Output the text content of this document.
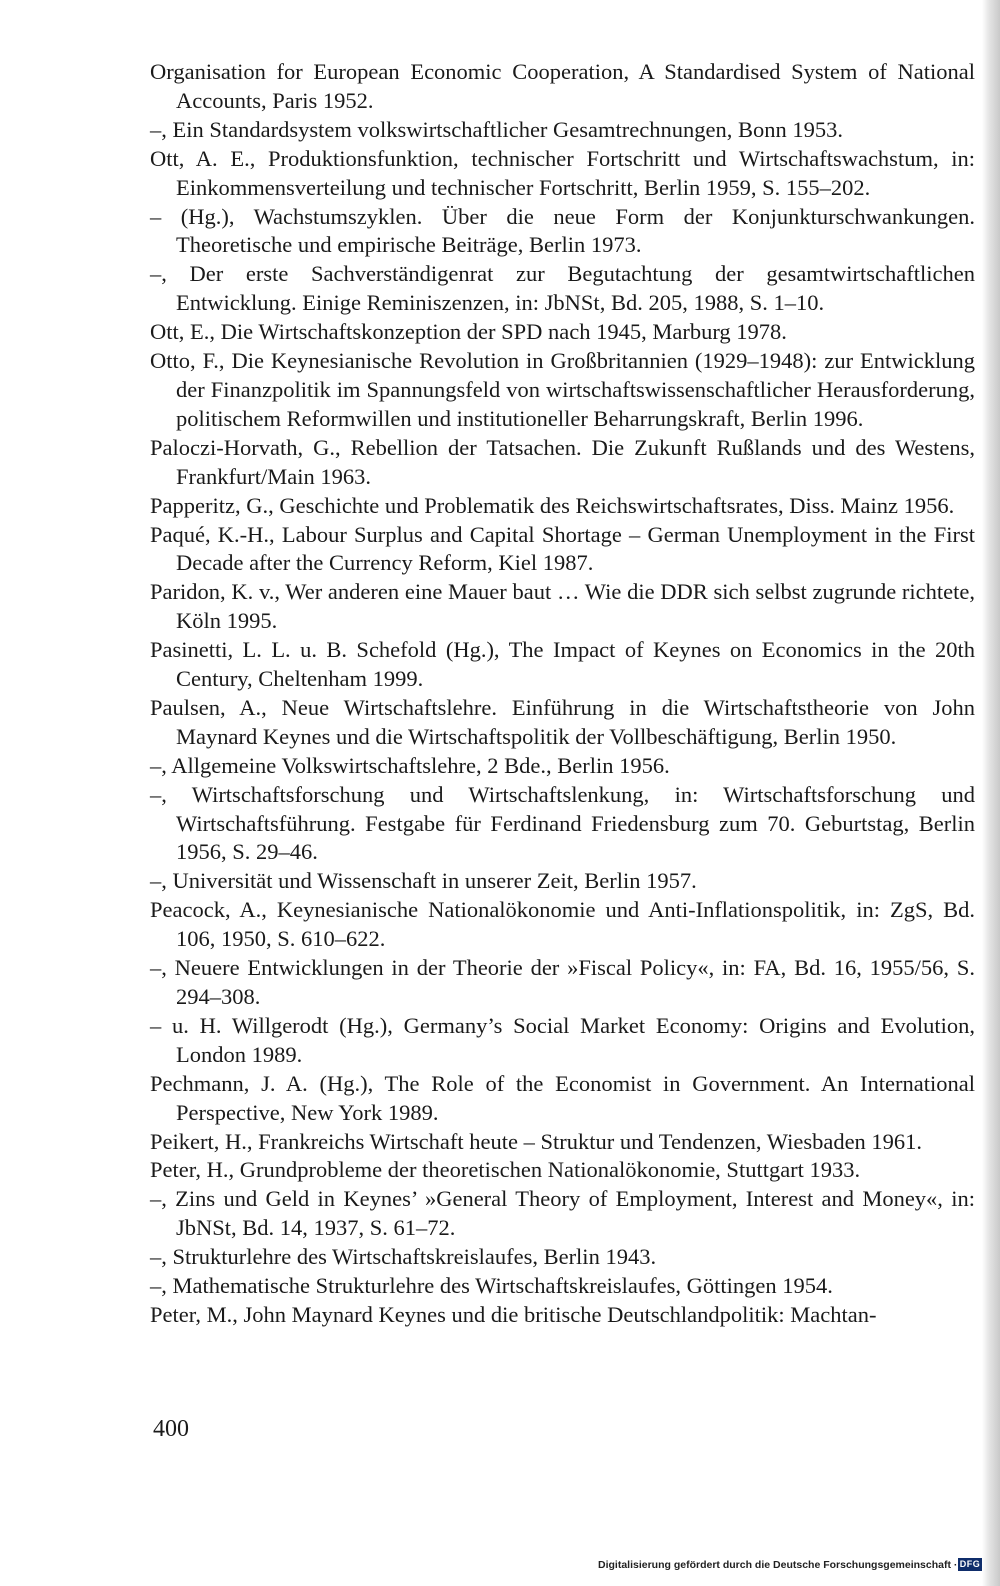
Organisation for European Economic Cooperation, A Standardised System of National Accounts, Paris 1952.
–, Ein Standardsystem volkswirtschaftlicher Gesamtrechnungen, Bonn 1953.
Ott, A. E., Produktionsfunktion, technischer Fortschritt und Wirtschaftswachstum, in: Einkommensverteilung und technischer Fortschritt, Berlin 1959, S. 155–202.
– (Hg.), Wachstumszyklen. Über die neue Form der Konjunkturschwankungen. Theoretische und empirische Beiträge, Berlin 1973.
–, Der erste Sachverständigenrat zur Begutachtung der gesamtwirtschaftlichen Entwicklung. Einige Reminiszenzen, in: JbNSt, Bd. 205, 1988, S. 1–10.
Ott, E., Die Wirtschaftskonzeption der SPD nach 1945, Marburg 1978.
Otto, F., Die Keynesianische Revolution in Großbritannien (1929–1948): zur Entwicklung der Finanzpolitik im Spannungsfeld von wirtschaftswissenschaftlicher Herausforderung, politischem Reformwillen und institutioneller Beharrungskraft, Berlin 1996.
Paloczi-Horvath, G., Rebellion der Tatsachen. Die Zukunft Rußlands und des Westens, Frankfurt/Main 1963.
Papperitz, G., Geschichte und Problematik des Reichswirtschaftsrates, Diss. Mainz 1956.
Paqué, K.-H., Labour Surplus and Capital Shortage – German Unemployment in the First Decade after the Currency Reform, Kiel 1987.
Paridon, K. v., Wer anderen eine Mauer baut … Wie die DDR sich selbst zugrunde richtete, Köln 1995.
Pasinetti, L. L. u. B. Schefold (Hg.), The Impact of Keynes on Economics in the 20th Century, Cheltenham 1999.
Paulsen, A., Neue Wirtschaftslehre. Einführung in die Wirtschaftstheorie von John Maynard Keynes und die Wirtschaftspolitik der Vollbeschäftigung, Berlin 1950.
–, Allgemeine Volkswirtschaftslehre, 2 Bde., Berlin 1956.
–, Wirtschaftsforschung und Wirtschaftslenkung, in: Wirtschaftsforschung und Wirtschaftsführung. Festgabe für Ferdinand Friedensburg zum 70. Geburtstag, Berlin 1956, S. 29–46.
–, Universität und Wissenschaft in unserer Zeit, Berlin 1957.
Peacock, A., Keynesianische Nationalökonomie und Anti-Inflationspolitik, in: ZgS, Bd. 106, 1950, S. 610–622.
–, Neuere Entwicklungen in der Theorie der »Fiscal Policy«, in: FA, Bd. 16, 1955/56, S. 294–308.
– u. H. Willgerodt (Hg.), Germany’s Social Market Economy: Origins and Evolution, London 1989.
Pechmann, J. A. (Hg.), The Role of the Economist in Government. An International Perspective, New York 1989.
Peikert, H., Frankreichs Wirtschaft heute – Struktur und Tendenzen, Wiesbaden 1961.
Peter, H., Grundprobleme der theoretischen Nationalökonomie, Stuttgart 1933.
–, Zins und Geld in Keynes’ »General Theory of Employment, Interest and Money«, in: JbNSt, Bd. 14, 1937, S. 61–72.
–, Strukturlehre des Wirtschaftskreislaufes, Berlin 1943.
–, Mathematische Strukturlehre des Wirtschaftskreislaufes, Göttingen 1954.
Peter, M., John Maynard Keynes und die britische Deutschlandpolitik: Machtan-
400
Digitalisierung gefördert durch die Deutsche Forschungsgemeinschaft · DFG
